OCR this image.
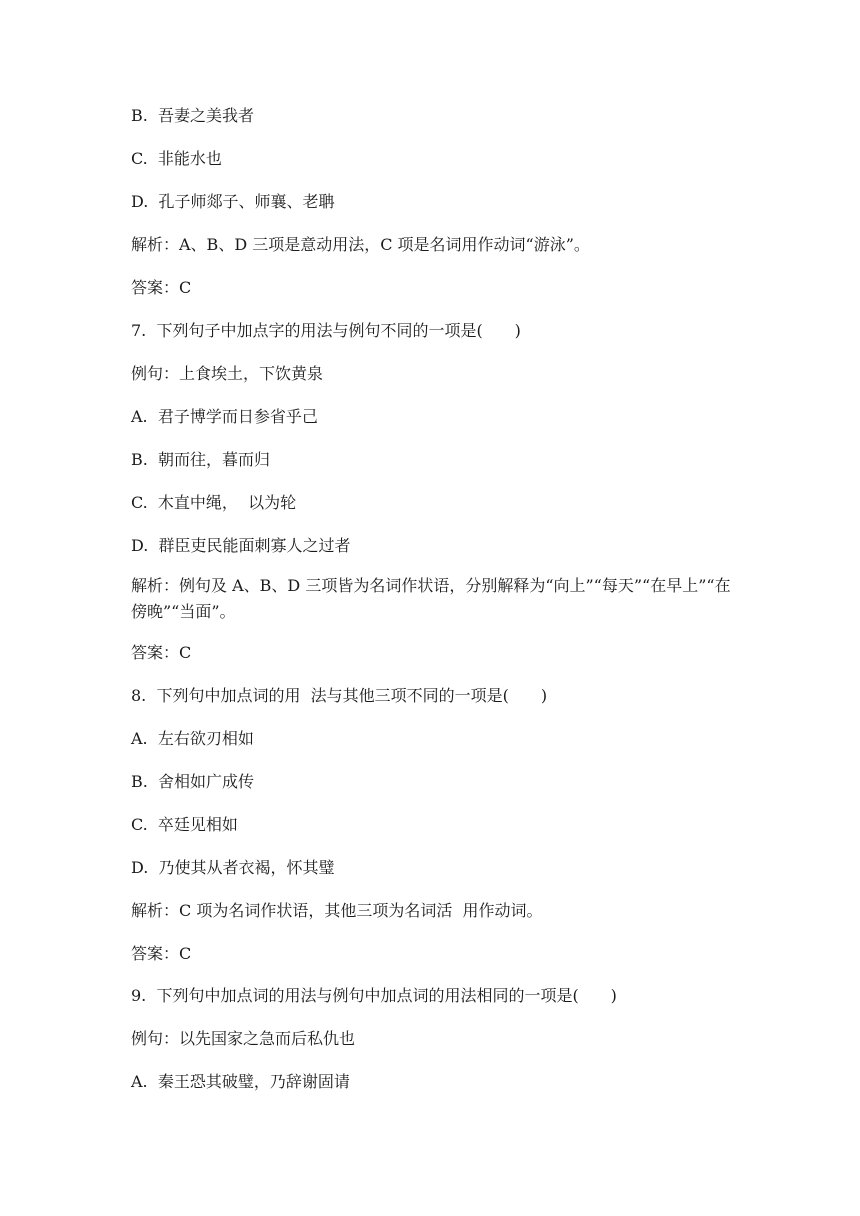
B.  吾妻之美我者
C.  非能水也
D.  孔子师郯子、师襄、老聃
解析：A、B、D 三项是意动用法，C 项是名词用作动词“游泳”。
答案：C
7.  下列句子中加点字的用法与例句不同的一项是(　　)
例句：上食埃土，下饮黄泉
A.  君子博学而日参省乎己
B.  朝而往，暮而归
C.  木直中绳，  以为轮
D.  群臣吏民能面刺寡人之过者
解析：例句及 A、B、D 三项皆为名词作状语，分别解释为“向上”“每天”“在早上”“在傍晚”“当面”。
答案：C
8.  下列句中加点词的用  法与其他三项不同的一项是(　　)
A.  左右欲刃相如
B.  舍相如广成传
C.  卒廷见相如
D.  乃使其从者衣褐，怀其璧
解析：C 项为名词作状语，其他三项为名词活  用作动词。
答案：C
9.  下列句中加点词的用法与例句中加点词的用法相同的一项是(　　)
例句：以先国家之急而后私仇也
A.  秦王恐其破璧，乃辞谢固请
